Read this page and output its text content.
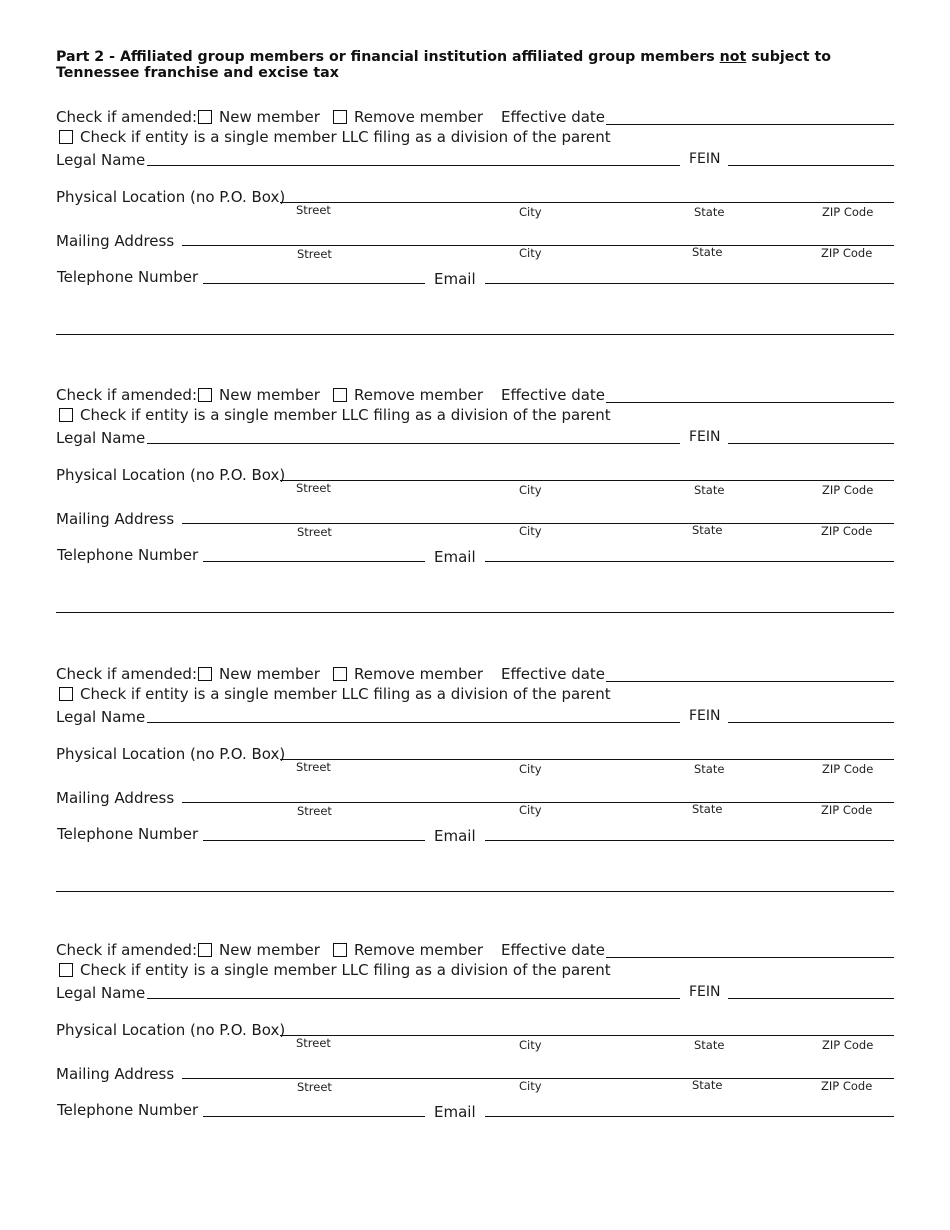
Part 2 - Affiliated group members or financial institution affiliated group members not subject to Tennessee franchise and excise tax
Check if amended: New member Remove member Effective date
Check if entity is a single member LLC filing as a division of the parent
Legal Name	FEIN
Physical Location (no P.O. Box)
Street	City	State	ZIP Code
Mailing Address
Street	City	State	ZIP Code
Telephone Number	Email
Check if amended: New member Remove member Effective date
Check if entity is a single member LLC filing as a division of the parent
Legal Name	FEIN
Physical Location (no P.O. Box)
Street	City	State	ZIP Code
Mailing Address
Street	City	State	ZIP Code
Telephone Number	Email
Check if amended: New member Remove member Effective date
Check if entity is a single member LLC filing as a division of the parent
Legal Name	FEIN
Physical Location (no P.O. Box)
Street	City	State	ZIP Code
Mailing Address
Street	City	State	ZIP Code
Telephone Number	Email
Check if amended: New member Remove member Effective date
Check if entity is a single member LLC filing as a division of the parent
Legal Name	FEIN
Physical Location (no P.O. Box)
Street	City	State	ZIP Code
Mailing Address
Street	City	State	ZIP Code
Telephone Number	Email
